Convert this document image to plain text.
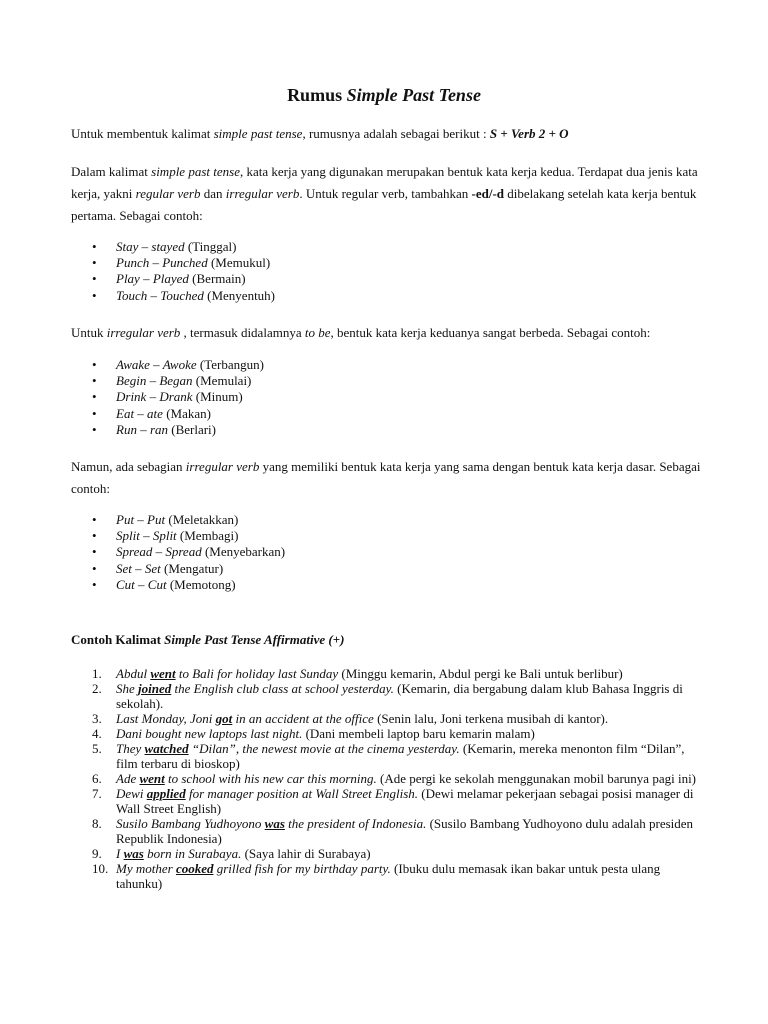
Rumus Simple Past Tense

Untuk membentuk kalimat simple past tense, rumusnya adalah sebagai berikut : S + Verb 2 + O

Dalam kalimat simple past tense, kata kerja yang digunakan merupakan bentuk kata kerja kedua. Terdapat dua jenis kata kerja, yakni regular verb dan irregular verb. Untuk regular verb, tambahkan -ed/-d dibelakang setelah kata kerja bentuk pertama. Sebagai contoh:

• Stay – stayed (Tinggal)
• Punch – Punched (Memukul)
• Play – Played (Bermain)
• Touch – Touched (Menyentuh)

Untuk irregular verb , termasuk didalamnya to be, bentuk kata kerja keduanya sangat berbeda. Sebagai contoh:

• Awake – Awoke (Terbangun)
• Begin – Began (Memulai)
• Drink – Drank (Minum)
• Eat – ate (Makan)
• Run – ran (Berlari)

Namun, ada sebagian irregular verb yang memiliki bentuk kata kerja yang sama dengan bentuk kata kerja dasar. Sebagai contoh:

• Put – Put (Meletakkan)
• Split – Split (Membagi)
• Spread – Spread (Menyebarkan)
• Set – Set (Mengatur)
• Cut – Cut (Memotong)

Contoh Kalimat Simple Past Tense Affirmative (+)

1. Abdul went to Bali for holiday last Sunday (Minggu kemarin, Abdul pergi ke Bali untuk berlibur)
2. She joined the English club class at school yesterday. (Kemarin, dia bergabung dalam klub Bahasa Inggris di sekolah).
3. Last Monday, Joni got in an accident at the office (Senin lalu, Joni terkena musibah di kantor).
4. Dani bought new laptops last night. (Dani membeli laptop baru kemarin malam)
5. They watched “Dilan”, the newest movie at the cinema yesterday. (Kemarin, mereka menonton film “Dilan”, film terbaru di bioskop)
6. Ade went to school with his new car this morning. (Ade pergi ke sekolah menggunakan mobil barunya pagi ini)
7. Dewi applied for manager position at Wall Street English. (Dewi melamar pekerjaan sebagai posisi manager di Wall Street English)
8. Susilo Bambang Yudhoyono was the president of Indonesia. (Susilo Bambang Yudhoyono dulu adalah presiden Republik Indonesia)
9. I was born in Surabaya. (Saya lahir di Surabaya)
10. My mother cooked grilled fish for my birthday party. (Ibuku dulu memasak ikan bakar untuk pesta ulang tahunku)
